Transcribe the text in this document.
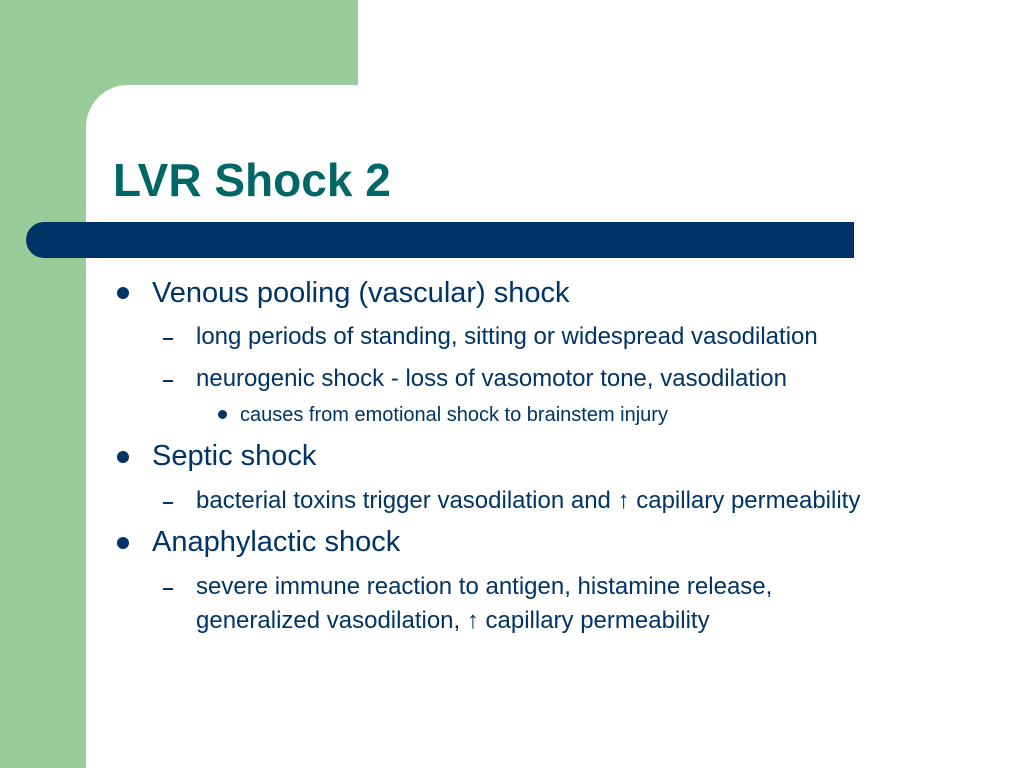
LVR Shock 2
Venous pooling (vascular) shock
long periods of standing, sitting or widespread vasodilation
neurogenic shock - loss of vasomotor tone, vasodilation
causes from emotional shock to brainstem injury
Septic shock
bacterial toxins trigger vasodilation and ↑ capillary permeability
Anaphylactic shock
severe immune reaction to antigen, histamine release,
generalized vasodilation, ↑ capillary permeability
